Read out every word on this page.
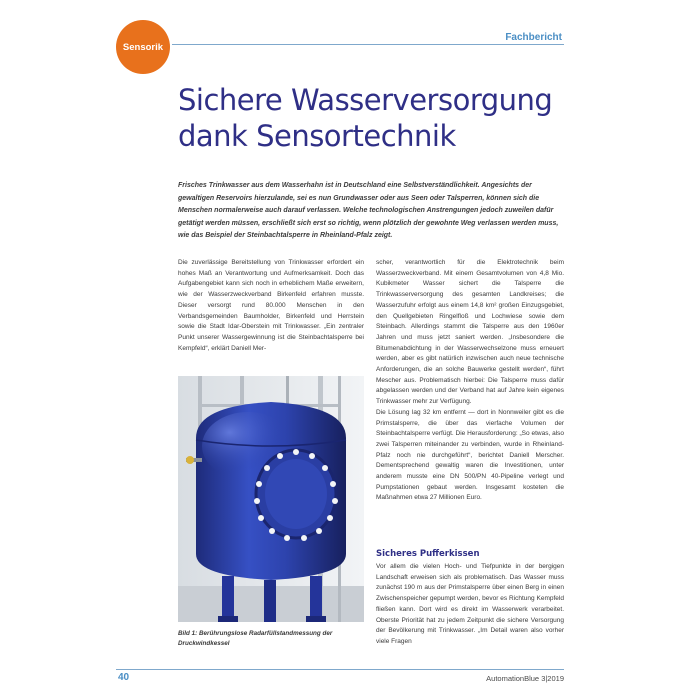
Sensorik
Fachbericht
Sichere Wasserversorgung
dank Sensortechnik

Frisches Trinkwasser aus dem Wasserhahn ist in Deutschland eine Selbstverständlichkeit. Angesichts der gewaltigen Reservoirs hierzulande, sei es nun Grundwasser oder aus Seen oder Talsperren, können sich die Menschen normalerweise auch darauf verlassen. Welche technologischen Anstrengungen jedoch zuweilen dafür getätigt werden müssen, erschließt sich erst so richtig, wenn plötzlich der gewohnte Weg verlassen werden muss, wie das Beispiel der Steinbachtalsperre in Rheinland-Pfalz zeigt.

Die zuverlässige Bereitstellung von Trinkwasser erfordert ein hohes Maß an Verantwortung und Aufmerksamkeit. Doch das Aufgabengebiet kann sich noch in erheblichem Maße erweitern, wie der Wasserzweckverband Birkenfeld erfahren musste. Dieser versorgt rund 80.000 Menschen in den Verbandsgemeinden Baumholder, Birkenfeld und Herrstein sowie die Stadt Idar-Oberstein mit Trinkwasser. „Ein zentraler Punkt unserer Wassergewinnung ist die Steinbachtalsperre bei Kempfeld“, erklärt Daniell Mer-

Bild 1: Berührungslose Radarfüllstandmessung der Druckwindkessel

scher, verantwortlich für die Elektrotechnik beim Wasserzweckverband. Mit einem Gesamtvolumen von 4,8 Mio. Kubikmeter Wasser sichert die Talsperre die Trinkwasserversorgung des gesamten Landkreises; die Wasserzufuhr erfolgt aus einem 14,8 km² großen Einzugsgebiet, den Quellgebieten Ringelfloß und Lochwiese sowie dem Steinbach. Allerdings stammt die Talsperre aus den 1960er Jahren und muss jetzt saniert werden. „Insbesondere die Bitumenabdichtung in der Wasserwechselzone muss erneuert werden, aber es gibt natürlich inzwischen auch neue technische Anforderungen, die an solche Bauwerke gestellt werden“, führt Mescher aus. Problematisch hierbei: Die Talsperre muss dafür abgelassen werden und der Verband hat auf Jahre kein eigenes Trinkwasser mehr zur Verfügung.

Die Lösung lag 32 km entfernt — dort in Nonnweiler gibt es die Primstalsperre, die über das vierfache Volumen der Steinbachtalsperre verfügt. Die Herausforderung: „So etwas, also zwei Talsperren miteinander zu verbinden, wurde in Rheinland-Pfalz noch nie durchgeführt“, berichtet Daniell Merscher. Dementsprechend gewaltig waren die Investitionen, unter anderem musste eine DN 500/PN 40-Pipeline verlegt und Pumpstationen gebaut werden. Insgesamt kosteten die Maßnahmen etwa 27 Millionen Euro.

Sicheres Pufferkissen

Vor allem die vielen Hoch- und Tiefpunkte in der bergigen Landschaft erweisen sich als problematisch. Das Wasser muss zunächst 190 m aus der Primstalsperre über einen Berg in einen Zwischenspeicher gepumpt werden, bevor es Richtung Kempfeld fließen kann. Dort wird es direkt im Wasserwerk verarbeitet. Oberste Priorität hat zu jedem Zeitpunkt die sichere Versorgung der Bevölkerung mit Trinkwasser. „Im Detail waren also vorher viele Fragen

40	AutomationBlue 3|2019
